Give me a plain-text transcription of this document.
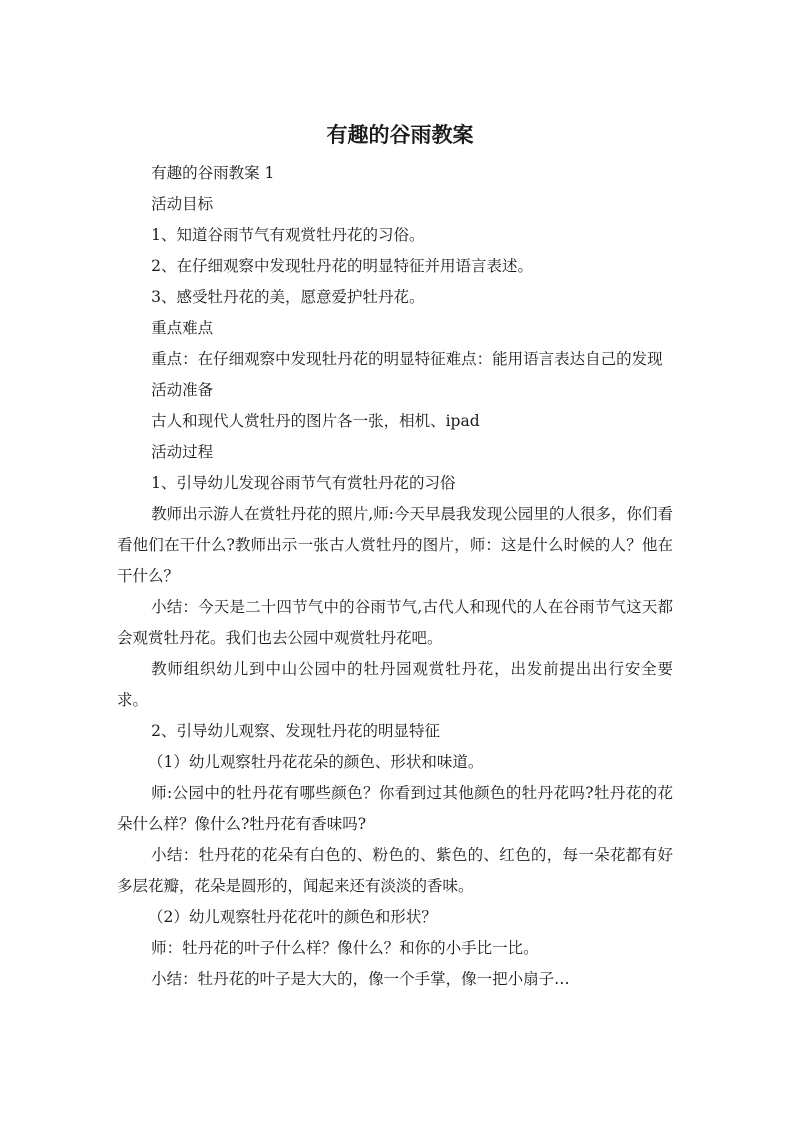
有趣的谷雨教案

有趣的谷雨教案 1

活动目标

1、知道谷雨节气有观赏牡丹花的习俗。

2、在仔细观察中发现牡丹花的明显特征并用语言表述。

3、感受牡丹花的美，愿意爱护牡丹花。

重点难点

重点：在仔细观察中发现牡丹花的明显特征难点：能用语言表达自己的发现

活动准备

古人和现代人赏牡丹的图片各一张，相机、ipad

活动过程

1、引导幼儿发现谷雨节气有赏牡丹花的习俗

教师出示游人在赏牡丹花的照片,师:今天早晨我发现公园里的人很多，你们看看他们在干什么?教师出示一张古人赏牡丹的图片，师：这是什么时候的人？他在干什么？

小结：今天是二十四节气中的谷雨节气,古代人和现代的人在谷雨节气这天都会观赏牡丹花。我们也去公园中观赏牡丹花吧。

教师组织幼儿到中山公园中的牡丹园观赏牡丹花，出发前提出出行安全要求。

2、引导幼儿观察、发现牡丹花的明显特征

（1）幼儿观察牡丹花花朵的颜色、形状和味道。

师:公园中的牡丹花有哪些颜色？你看到过其他颜色的牡丹花吗?牡丹花的花朵什么样？像什么?牡丹花有香味吗?

小结：牡丹花的花朵有白色的、粉色的、紫色的、红色的，每一朵花都有好多层花瓣，花朵是圆形的，闻起来还有淡淡的香味。

（2）幼儿观察牡丹花花叶的颜色和形状？

师：牡丹花的叶子什么样？像什么？和你的小手比一比。

小结：牡丹花的叶子是大大的，像一个手掌，像一把小扇子…
